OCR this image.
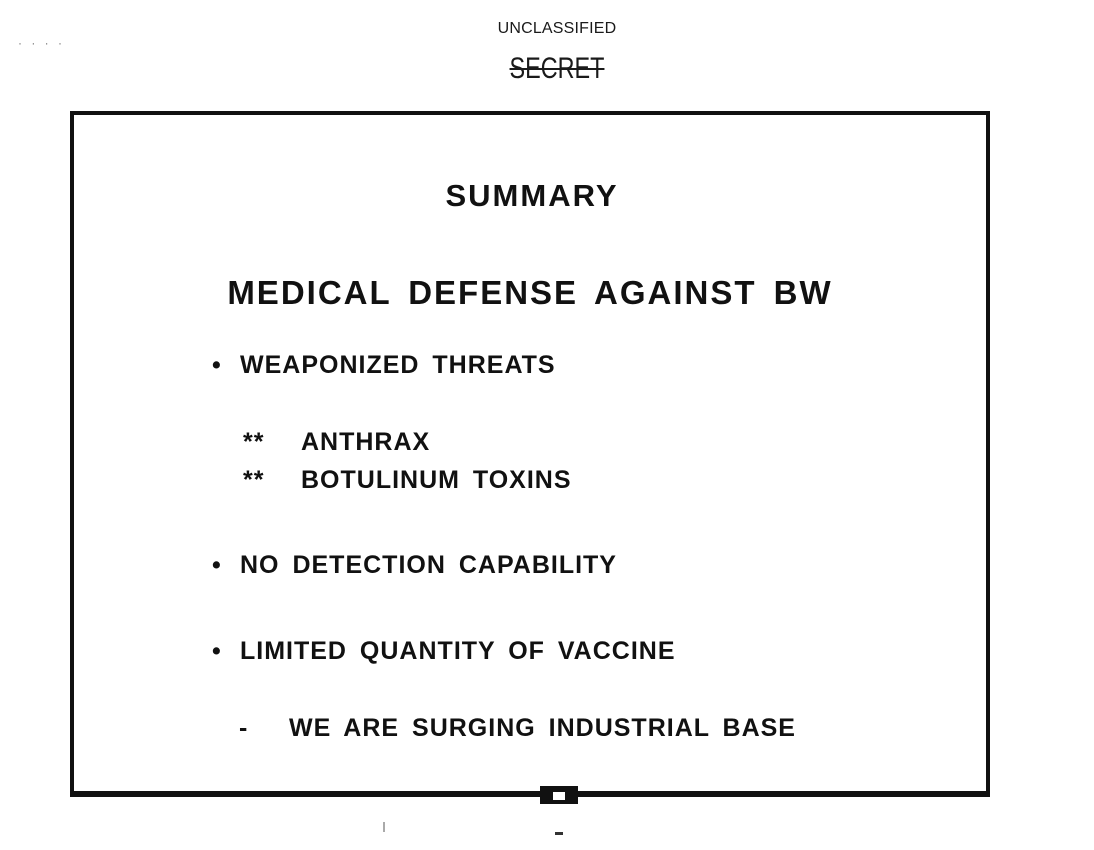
· · · ·
UNCLASSIFIED
SECRET
SUMMARY
MEDICAL DEFENSE AGAINST BW
• WEAPONIZED THREATS
** ANTHRAX
** BOTULINUM TOXINS
• NO DETECTION CAPABILITY
• LIMITED QUANTITY OF VACCINE
- WE ARE SURGING INDUSTRIAL BASE
